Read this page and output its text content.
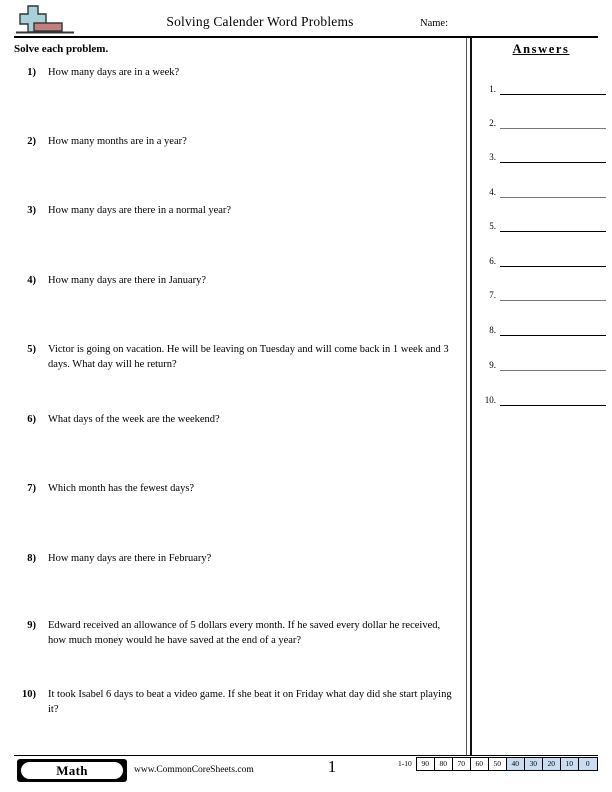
Solving Calender Word Problems	Name:
Solve each problem.
1)	How many days are in a week?
2)	How many months are in a year?
3)	How many days are there in a normal year?
4)	How many days are there in January?
5)	Victor is going on vacation. He will be leaving on Tuesday and will come back in 1 week and 3 days. What day will he return?
6)	What days of the week are the weekend?
7)	Which month has the fewest days?
8)	How many days are there in February?
9)	Edward received an allowance of 5 dollars every month. If he saved every dollar he received, how much money would he have saved at the end of a year?
10)	It took Isabel 6 days to beat a video game. If she beat it on Friday what day did she start playing it?
Answers
1.
2.
3.
4.
5.
6.
7.
8.
9.
10.
Math	www.CommonCoreSheets.com	1	1-10	90	80	70	60	50	40	30	20	10	0
